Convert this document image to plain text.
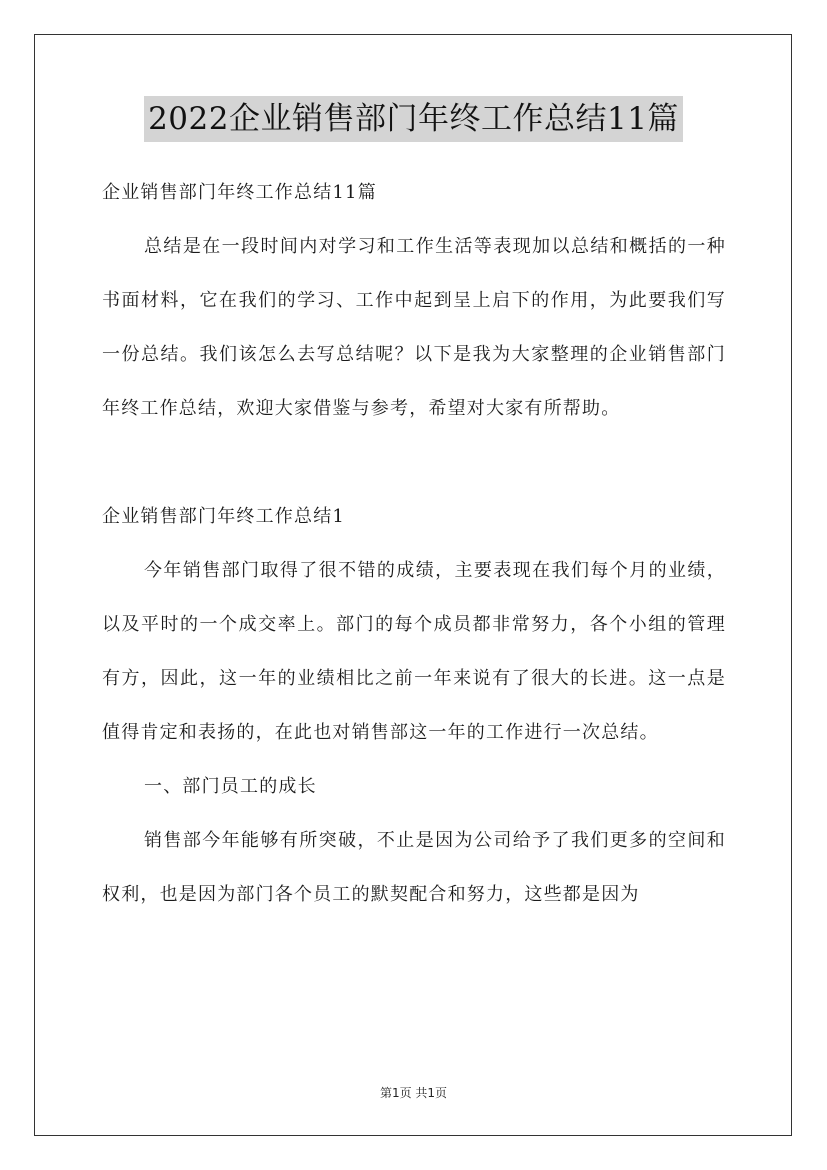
2022企业销售部门年终工作总结11篇

企业销售部门年终工作总结11篇

总结是在一段时间内对学习和工作生活等表现加以总结和概括的一种书面材料，它在我们的学习、工作中起到呈上启下的作用，为此要我们写一份总结。我们该怎么去写总结呢？以下是我为大家整理的企业销售部门年终工作总结，欢迎大家借鉴与参考，希望对大家有所帮助。

企业销售部门年终工作总结1

今年销售部门取得了很不错的成绩，主要表现在我们每个月的业绩，以及平时的一个成交率上。部门的每个成员都非常努力，各个小组的管理有方，因此，这一年的业绩相比之前一年来说有了很大的长进。这一点是值得肯定和表扬的，在此也对销售部这一年的工作进行一次总结。

一、部门员工的成长

销售部今年能够有所突破，不止是因为公司给予了我们更多的空间和权利，也是因为部门各个员工的默契配合和努力，这些都是因为

第1页 共1页
